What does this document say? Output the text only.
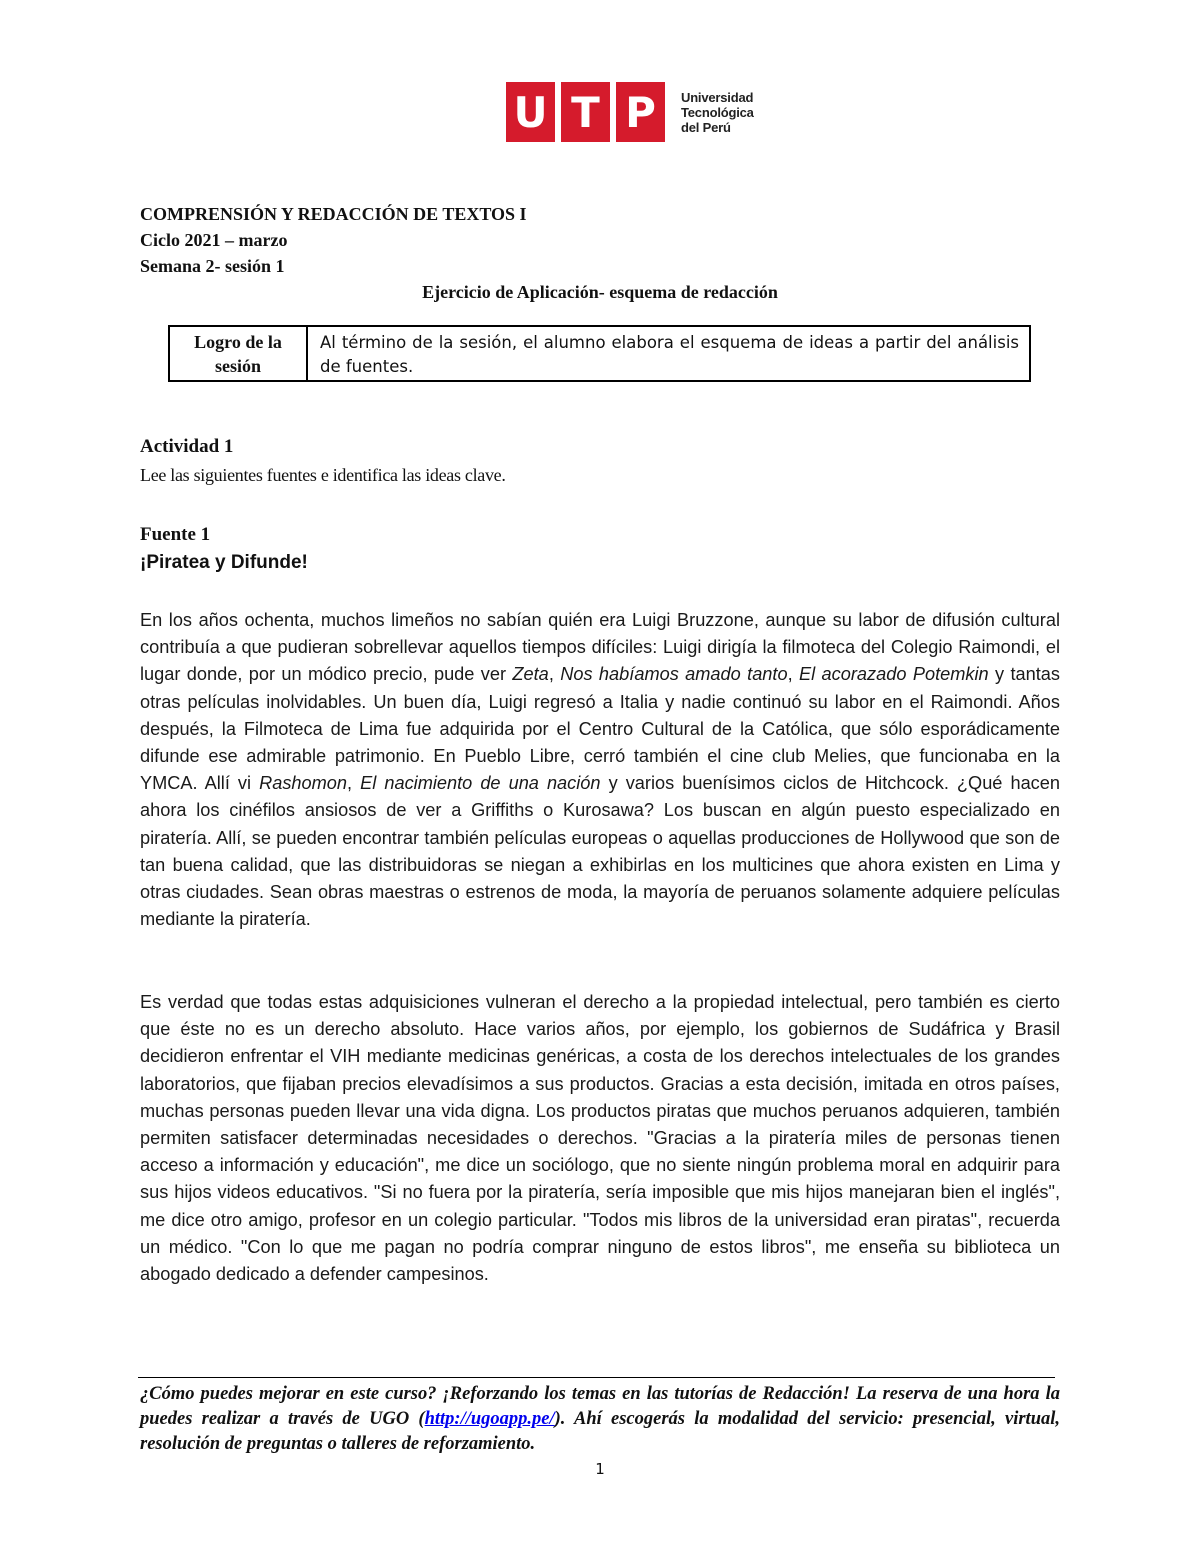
U T P	Universidad
Tecnológica
del Perú
COMPRENSIÓN Y REDACCIÓN DE TEXTOS I
Ciclo 2021 – marzo
Semana 2- sesión 1
Ejercicio de Aplicación- esquema de redacción
Logro de la sesión
Al término de la sesión, el alumno elabora el esquema de ideas a partir del análisis de fuentes.
Actividad 1
Lee las siguientes fuentes e identifica las ideas clave.
Fuente 1
¡Piratea y Difunde!

En los años ochenta, muchos limeños no sabían quién era Luigi Bruzzone, aunque su labor de difusión cultural contribuía a que pudieran sobrellevar aquellos tiempos difíciles: Luigi dirigía la filmoteca del Colegio Raimondi, el lugar donde, por un módico precio, pude ver Zeta, Nos habíamos amado tanto, El acorazado Potemkin y tantas otras películas inolvidables. Un buen día, Luigi regresó a Italia y nadie continuó su labor en el Raimondi. Años después, la Filmoteca de Lima fue adquirida por el Centro Cultural de la Católica, que sólo esporádicamente difunde ese admirable patrimonio. En Pueblo Libre, cerró también el cine club Melies, que funcionaba en la YMCA. Allí vi Rashomon, El nacimiento de una nación y varios buenísimos ciclos de Hitchcock. ¿Qué hacen ahora los cinéfilos ansiosos de ver a Griffiths o Kurosawa? Los buscan en algún puesto especializado en piratería. Allí, se pueden encontrar también películas europeas o aquellas producciones de Hollywood que son de tan buena calidad, que las distribuidoras se niegan a exhibirlas en los multicines que ahora existen en Lima y otras ciudades. Sean obras maestras o estrenos de moda, la mayoría de peruanos solamente adquiere películas mediante la piratería.

Es verdad que todas estas adquisiciones vulneran el derecho a la propiedad intelectual, pero también es cierto que éste no es un derecho absoluto. Hace varios años, por ejemplo, los gobiernos de Sudáfrica y Brasil decidieron enfrentar el VIH mediante medicinas genéricas, a costa de los derechos intelectuales de los grandes laboratorios, que fijaban precios elevadísimos a sus productos. Gracias a esta decisión, imitada en otros países, muchas personas pueden llevar una vida digna. Los productos piratas que muchos peruanos adquieren, también permiten satisfacer determinadas necesidades o derechos. "Gracias a la piratería miles de personas tienen acceso a información y educación", me dice un sociólogo, que no siente ningún problema moral en adquirir para sus hijos videos educativos. "Si no fuera por la piratería, sería imposible que mis hijos manejaran bien el inglés", me dice otro amigo, profesor en un colegio particular. "Todos mis libros de la universidad eran piratas", recuerda un médico. "Con lo que me pagan no podría comprar ninguno de estos libros", me enseña su biblioteca un abogado dedicado a defender campesinos.

¿Cómo puedes mejorar en este curso? ¡Reforzando los temas en las tutorías de Redacción! La reserva de una hora la puedes realizar a través de UGO (http://ugoapp.pe/). Ahí escogerás la modalidad del servicio: presencial, virtual, resolución de preguntas o talleres de reforzamiento.
1
